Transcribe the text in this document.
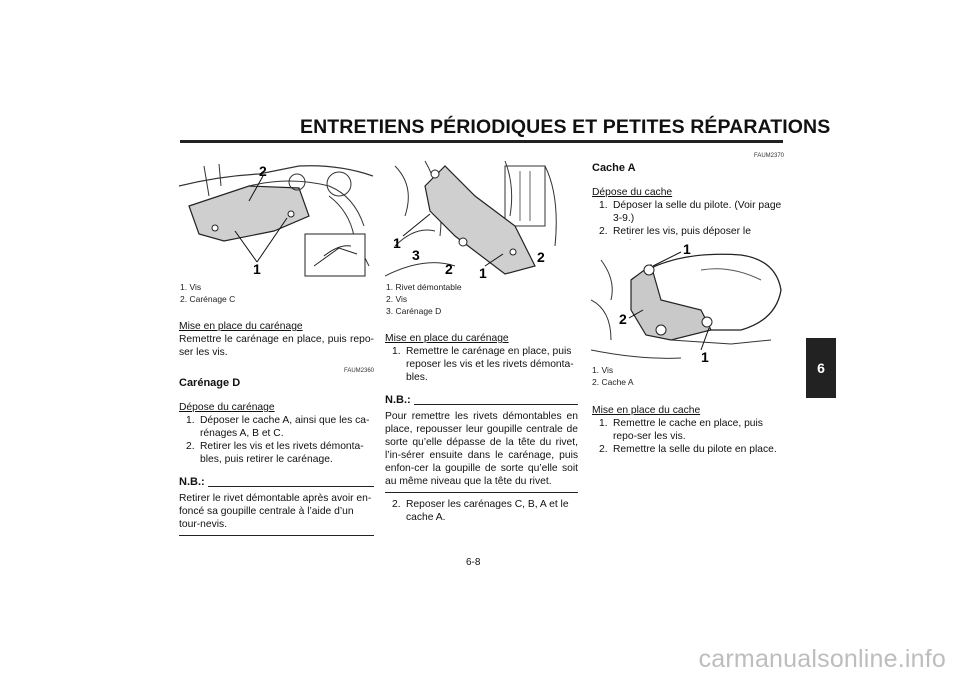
ENTRETIENS PÉRIODIQUES ET PETITES RÉPARATIONS
6
2
1
1. Vis
2. Carénage C
Mise en place du carénage
Remettre le carénage en place, puis repo-ser les vis.
FAUM2360
Carénage D
Dépose du carénage
1. Déposer le cache A, ainsi que les ca-rénages A, B et C.
2. Retirer les vis et les rivets démonta-bles, puis retirer le carénage.
N.B.:
Retirer le rivet démontable après avoir en-foncé sa goupille centrale à l’aide d’un tour-nevis.
1
3
2 1
2
1. Rivet démontable
2. Vis
3. Carénage D
Mise en place du carénage
1. Remettre le carénage en place, puis reposer les vis et les rivets démonta-bles.
N.B.:
Pour remettre les rivets démontables en place, repousser leur goupille centrale de sorte qu’elle dépasse de la tête du rivet, l’in-sérer ensuite dans le carénage, puis enfon-cer la goupille de sorte qu’elle soit au même niveau que la tête du rivet.
2. Reposer les carénages C, B, A et le cache A.
FAUM2370
Cache A
Dépose du cache
1. Déposer la selle du pilote. (Voir page 3-9.)
2. Retirer les vis, puis déposer le
1
2
1
1. Vis
2. Cache A
Mise en place du cache
1. Remettre le cache en place, puis repo-ser les vis.
2. Remettre la selle du pilote en place.
6-8
carmanualsonline.info
